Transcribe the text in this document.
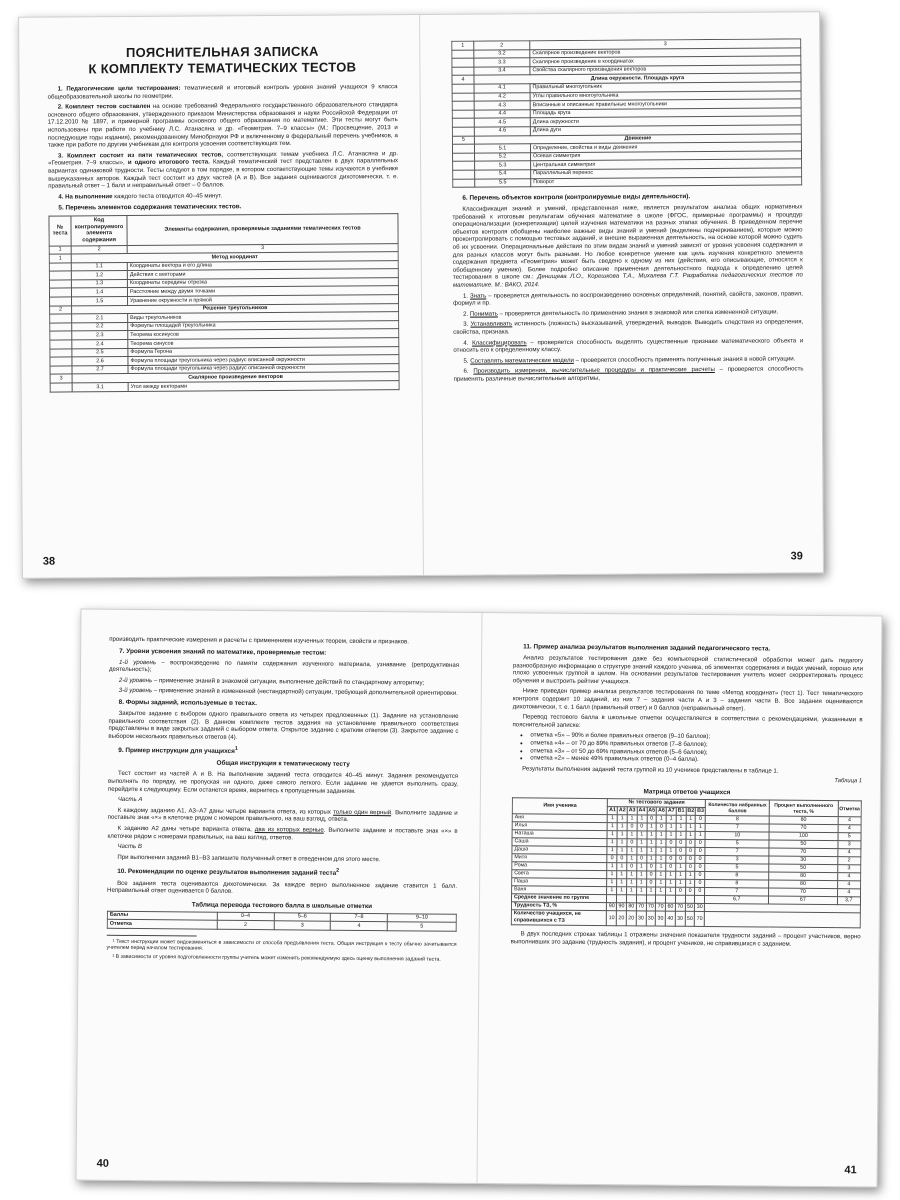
ПОЯСНИТЕЛЬНАЯ ЗАПИСКА
К КОМПЛЕКТУ ТЕМАТИЧЕСКИХ ТЕСТОВ

1. Педагогические цели тестирования: тематический и итоговый контроль уровня знаний учащихся 9 класса общеобразовательной школы по геометрии.

2. Комплект тестов составлен на основе требований Федерального государственного образовательного стандарта основного общего образования, утвержденного приказом Министерства образования и науки Российской Федерации от 17.12.2010 № 1897, и примерной программы основного общего образования по математике. Эти тесты могут быть использованы при работе по учебнику Л.С. Атанасяна и др. «Геометрия. 7–9 классы» (М.: Просвещение, 2013 и последующие годы издания), рекомендованному Минобрнауки РФ и включенному в федеральный перечень учебников, а также при работе по другим учебникам для контроля усвоения соответствующих тем.

3. Комплект состоит из пяти тематических тестов, соответствующих темам учебника Л.С. Атанасяна и др. «Геометрия. 7–9 классы», и одного итогового теста. Каждый тематический тест представлен в двух параллельных вариантах одинаковой трудности. Тесты следуют в том порядке, в котором соответствующие темы изучаются в учебнике вышеуказанных авторов. Каждый тест состоит из двух частей (А и В). Все задания оцениваются дихотомически, т. е. правильный ответ – 1 балл и неправильный ответ – 0 баллов.

4. На выполнение каждого теста отводится 40–45 минут.

5. Перечень элементов содержания тематических тестов.
№ теста	Код контролируемого элемента содержания	Элементы содержания, проверяемые заданиями тематических тестов
1	2	3
1	Метод координат	
	1.1	Координаты вектора и его длина
	1.2	Действия с векторами
	1.3	Координаты середины отрезка
	1.4	Расстояние между двумя точками
	1.5	Уравнение окружности и прямой
2	Решение треугольников	
	2.1	Виды треугольников
	2.2	Формулы площадей треугольника
	2.3	Теорема косинусов
	2.4	Теорема синусов
	2.5	Формула Герона
	2.6	Формула площади треугольника через радиус вписанной окружности
	2.7	Формула площади треугольника через радиус описанной окружности
3	Скалярное произведение векторов	
	3.1	Угол между векторами
38
1	2	3
	3.2	Скалярное произведение векторов
	3.3	Скалярное произведение в координатах
	3.4	Свойства скалярного произведения векторов
4	Длина окружности. Площадь круга	
	4.1	Правильный многоугольник
	4.2	Углы правильного многоугольника
	4.3	Вписанные и описанные правильные многоугольники
	4.4	Площадь круга
	4.5	Длина окружности
	4.6	Длина дуги
5	Движение	
	5.1	Определение, свойства и виды движения
	5.2	Осевая симметрия
	5.3	Центральная симметрия
	5.4	Параллельный перенос
	5.5	Поворот
6. Перечень объектов контроля (контролируемые виды деятельности).

Классификация знаний и умений, представленная ниже, является результатом анализа общих нормативных требований к итоговым результатам обучения математике в школе (ФГОС, примерные программы) и процедур операционализации (конкретизации) целей изучения математики на разных этапах обучения. В приведенном перечне объектов контроля обобщены наиболее важные виды знаний и умений (выделены подчеркиванием), которые можно проконтролировать с помощью тестовых заданий, и внешне выраженная деятельность, на основе которой можно судить об их усвоении. Операциональные действия по этим видам знаний и умений зависят от уровня усвоения содержания и для разных классов могут быть разными. Но любое конкретное умение как цель изучения конкретного элемента содержания предмета «Геометрия» может быть сведено к одному из них (действия, его описывающие, относятся к обобщенному умению). Более подробно описание применения деятельностного подхода к определению целей тестирования в школе см.: Денищева Л.О., Корешкова Т.А., Михалева Г.Т. Разработка педагогических тестов по математике. М.: ВАКО, 2014.

1. Знать – проверяется деятельность по воспроизведению основных определений, понятий, свойств, законов, правил, формул и пр.

2. Понимать – проверяется деятельность по применению знания в знакомой или слегка измененной ситуации.

3. Устанавливать истинность (ложность) высказываний, утверждений, выводов. Выводить следствия из определения, свойства, признака.

4. Классифицировать – проверяется способность выделять существенные признаки математического объекта и относить его к определенному классу.

5. Составлять математические модели – проверяется способность применять полученные знания в новой ситуации.

6. Производить измерения, вычислительные процедуры и практические расчеты – проверяется способность применять различные вычислительные алгоритмы,

39

производить практические измерения и расчеты с применением изученных теорем, свойств и признаков.

7. Уровни усвоения знаний по математике, проверяемые тестом:

1-й уровень – воспроизведение по памяти содержания изученного материала, узнавание (репродуктивная деятельность);

2-й уровень – применение знаний в знакомой ситуации, выполнение действий по стандартному алгоритму;

3-й уровень – применение знаний в измененной (нестандартной) ситуации, требующей дополнительной ориентировки.

8. Формы заданий, используемые в тестах.

Закрытое задание с выбором одного правильного ответа из четырех предложенных (1). Задание на установление правильного соответствия (2). В данном комплекте тестов задания на установление правильного соответствия представлены в виде закрытых заданий с выбором ответа. Открытое задание с кратким ответом (3). Закрытое задание с выбором нескольких правильных ответов (4).

9. Пример инструкции для учащихся$^1$
Общая инструкция к тематическому тесту

Тест состоит из частей А и В. На выполнение заданий теста отводится 40–45 минут. Задания рекомендуется выполнять по порядку, не пропуская ни одного, даже самого легкого. Если задание не удается выполнить сразу, перейдите к следующему. Если останется время, вернитесь к пропущенным заданиям.

Часть А

К каждому заданию А1, А3–А7 даны четыре варианта ответа, из которых только один верный. Выполните задание и поставьте знак «×» в клеточке рядом с номером правильного, на ваш взгляд, ответа.

К заданию А2 даны четыре варианта ответа, два из которых верные. Выполните задание и поставьте знак «×» в клеточке рядом с номерами правильных, на ваш взгляд, ответов.

Часть В

При выполнении заданий В1–В3 запишите полученный ответ в отведенном для этого месте.

10. Рекомендации по оценке результатов выполнения заданий теста$^2$

Все задания теста оцениваются дихотомически. За каждое верно выполненное задание ставится 1 балл. Неправильный ответ оценивается 0 баллов.

Таблица перевода тестового балла в школьные отметки
Баллы	0–4	5–6	7–8	9–10
Отметка	2	3	4	5

¹ Текст инструкции может видоизменяться в зависимости от способа предъявления теста. Общая инструкция к тесту обычно зачитывается учителем перед началом тестирования.

² В зависимости от уровня подготовленности группы учитель может изменить рекомендуемую здесь оценку выполнения заданий теста.

40
11. Пример анализа результатов выполнения заданий педагогического теста.

Анализ результатов тестирования даже без компьютерной статистической обработки может дать педагогу разнообразную информацию о структуре знаний каждого ученика, об элементах содержания и видах умений, хорошо или плохо усвоенных группой в целом. На основании результатов тестирования учитель может скорректировать процесс обучения и выстроить рейтинг учащихся.

Ниже приведен пример анализа результатов тестирования по теме «Метод координат» (тест 1). Тест тематического контроля содержит 10 заданий, из них 7 – задания части А и 3 – задания части В. Все задания оцениваются дихотомически, т. е. 1 балл (правильный ответ) и 0 баллов (неправильный ответ).

Перевод тестового балла в школьные отметки осуществляется в соответствии с рекомендациями, указанными в пояснительной записке:

• отметка «5» – 90% и более правильных ответов (9–10 баллов);
• отметка «4» – от 70 до 89% правильных ответов (7–8 баллов);
• отметка «3» – от 50 до 69% правильных ответов (5–6 баллов);
• отметка «2» – менее 49% правильных ответов (0–4 балла).

Результаты выполнения заданий теста группой из 10 учеников представлены в таблице 1.

Таблица 1
Матрица ответов учащихся
Имя ученика	№ тестового задания										Количество набранных баллов	Процент выполненного теста, %	Отметка
	А1	А2	А3	А4	А5	А6	А7	В1	В2	В3			
Аня	1	1	1	1	0	1	1	1	1	0	8	80	4
Илья	1	1	0	0	1	0	1	1	1	1	7	70	4
Наташа	1	1	1	1	1	1	1	1	1	1	10	100	5
Саша	1	1	0	1	1	1	0	0	0	0	5	50	3
Даша	1	1	1	1	1	1	1	0	0	0	7	70	4
Митя	0	0	1	0	1	1	0	0	0	0	3	30	2
Рома	1	1	0	1	0	1	0	1	0	0	5	50	3
Света	1	1	1	1	0	1	1	1	1	0	8	80	4
Паша	1	1	1	1	0	1	1	1	1	0	8	80	4
Ваня	1	1	1	1	1	1	1	0	0	0	7	70	4
Среднее значение по группе											6,7	67	3,7
Трудность ТЗ, %	90	90	80	70	70	70	60	70	50	30			
Количество учащихся, не справившихся с ТЗ	10	20	20	30	30	30	40	30	50	70			

В двух последних строках таблицы 1 отражены значения показателя трудности заданий – процент участников, верно выполнивших это задание (трудность задания), и процент учеников, не справившихся с заданием.

41
